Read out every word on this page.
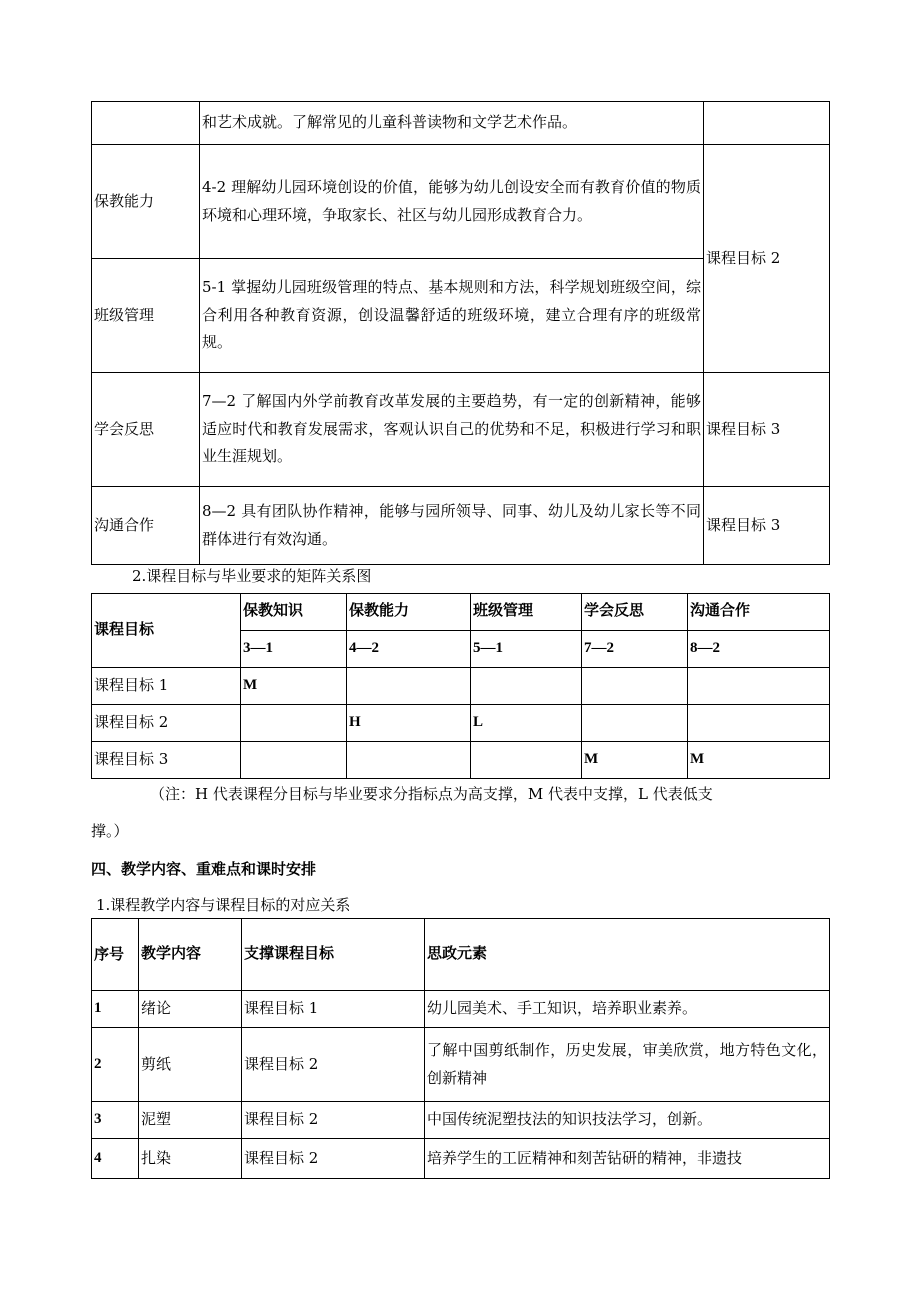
	和艺术成就。了解常见的儿童科普读物和文学艺术作品。	
保教能力	4-2 理解幼儿园环境创设的价值，能够为幼儿创设安全而有教育价值的物质环境和心理环境，争取家长、社区与幼儿园形成教育合力。	课程目标 2
班级管理	5-1 掌握幼儿园班级管理的特点、基本规则和方法，科学规划班级空间，综合利用各种教育资源，创设温馨舒适的班级环境，建立合理有序的班级常规。	
学会反思	7—2 了解国内外学前教育改革发展的主要趋势，有一定的创新精神，能够适应时代和教育发展需求，客观认识自己的优势和不足，积极进行学习和职业生涯规划。	课程目标 3
沟通合作	8—2 具有团队协作精神，能够与园所领导、同事、幼儿及幼儿家长等不同群体进行有效沟通。	课程目标 3
2.课程目标与毕业要求的矩阵关系图
课程目标	保教知识	保教能力	班级管理	学会反思	沟通合作
	3—1	4—2	5—1	7—2	8—2
课程目标 1	M				
课程目标 2		H	L		
课程目标 3				M	M
（注：H 代表课程分目标与毕业要求分指标点为高支撑，M 代表中支撑，L 代表低支
撑。）
四、教学内容、重难点和课时安排
1.课程教学内容与课程目标的对应关系
序号	教学内容	支撑课程目标	思政元素
1	绪论	课程目标 1	幼儿园美术、手工知识，培养职业素养。
2	剪纸	课程目标 2	了解中国剪纸制作，历史发展，审美欣赏，地方特色文化，创新精神
3	泥塑	课程目标 2	中国传统泥塑技法的知识技法学习，创新。
4	扎染	课程目标 2	培养学生的工匠精神和刻苦钻研的精神，非遗技
